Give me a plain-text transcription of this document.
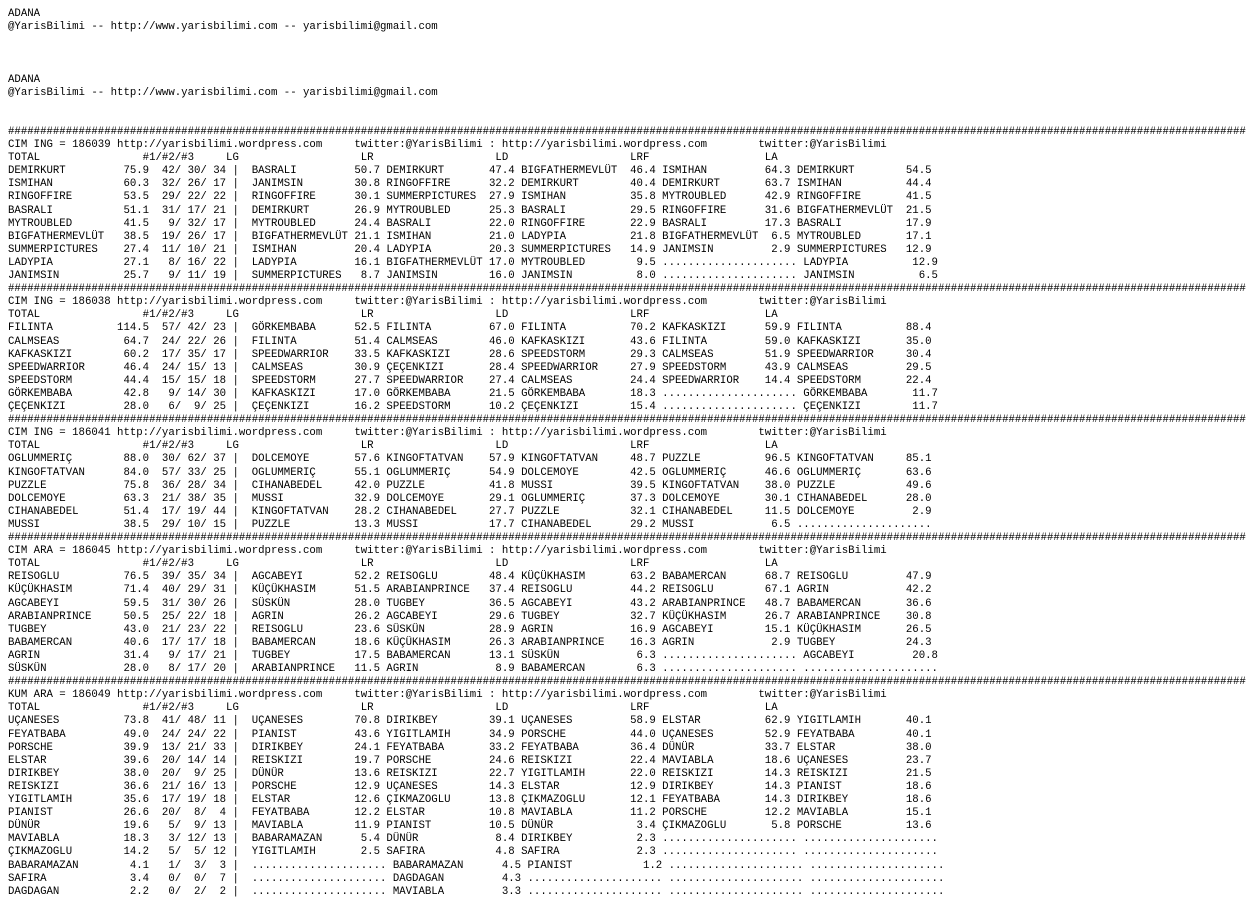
ADANA
@YarisBilimi -- http://www.yarisbilimi.com -- yarisbilimi@gmail.com
ADANA
@YarisBilimi -- http://www.yarisbilimi.com -- yarisbilimi@gmail.com
#################################################################################################################################################################################################
CIM ING = 186039 http://yarisbilimi.wordpress.com     twitter:@YarisBilimi : http://yarisbilimi.wordpress.com        twitter:@YarisBilimi
TOTAL                #1/#2/#3     LG                   LR                   LD                   LRF                  LA
DEMIRKURT         75.9  42/ 30/ 34 |  BASRALI         50.7 DEMIRKURT       47.4 BIGFATHERMEVLÜT  46.4 ISMIHAN         64.3 DEMIRKURT        54.5
ISMIHAN           60.3  32/ 26/ 17 |  JANIMSIN        30.8 RINGOFFIRE      32.2 DEMIRKURT        40.4 DEMIRKURT       63.7 ISMIHAN          44.4
RINGOFFIRE        53.5  29/ 22/ 22 |  RINGOFFIRE      30.1 SUMMERPICTURES  27.9 ISMIHAN          35.8 MYTROUBLED      42.9 RINGOFFIRE       41.5
BASRALI           51.1  31/ 17/ 21 |  DEMIRKURT       26.9 MYTROUBLED      25.3 BASRALI          29.5 RINGOFFIRE      31.6 BIGFATHERMEVLÜT  21.5
MYTROUBLED        41.5   9/ 32/ 17 |  MYTROUBLED      24.4 BASRALI         22.0 RINGOFFIRE       22.9 BASRALI         17.3 BASRALI          17.9
BIGFATHERMEVLÜT   38.5  19/ 26/ 17 |  BIGFATHERMEVLÜT 21.1 ISMIHAN         21.0 LADYPIA          21.8 BIGFATHERMEVLÜT  6.5 MYTROUBLED       17.1
SUMMERPICTURES    27.4  11/ 10/ 21 |  ISMIHAN         20.4 LADYPIA         20.3 SUMMERPICTURES   14.9 JANIMSIN         2.9 SUMMERPICTURES   12.9
LADYPIA           27.1   8/ 16/ 22 |  LADYPIA         16.1 BIGFATHERMEVLÜT 17.0 MYTROUBLED        9.5 ..................... LADYPIA          12.9
JANIMSIN          25.7   9/ 11/ 19 |  SUMMERPICTURES   8.7 JANIMSIN        16.0 JANIMSIN          8.0 ..................... JANIMSIN          6.5
#################################################################################################################################################################################################
CIM ING = 186038 http://yarisbilimi.wordpress.com     twitter:@YarisBilimi : http://yarisbilimi.wordpress.com        twitter:@YarisBilimi
TOTAL                #1/#2/#3     LG                   LR                   LD                   LRF                  LA
FILINTA          114.5  57/ 42/ 23 |  GÖRKEMBABA      52.5 FILINTA         67.0 FILINTA          70.2 KAFKASKIZI      59.9 FILINTA          88.4
CALMSEAS          64.7  24/ 22/ 26 |  FILINTA         51.4 CALMSEAS        46.0 KAFKASKIZI       43.6 FILINTA         59.0 KAFKASKIZI       35.0
KAFKASKIZI        60.2  17/ 35/ 17 |  SPEEDWARRIOR    33.5 KAFKASKIZI      28.6 SPEEDSTORM       29.3 CALMSEAS        51.9 SPEEDWARRIOR     30.4
SPEEDWARRIOR      46.4  24/ 15/ 13 |  CALMSEAS        30.9 ÇEÇENKIZI       28.4 SPEEDWARRIOR     27.9 SPEEDSTORM      43.9 CALMSEAS         29.5
SPEEDSTORM        44.4  15/ 15/ 18 |  SPEEDSTORM      27.7 SPEEDWARRIOR    27.4 CALMSEAS         24.4 SPEEDWARRIOR    14.4 SPEEDSTORM       22.4
GÖRKEMBABA        42.8   9/ 14/ 30 |  KAFKASKIZI      17.0 GÖRKEMBABA      21.5 GÖRKEMBABA       18.3 ..................... GÖRKEMBABA       11.7
ÇEÇENKIZI         28.0   6/  9/ 25 |  ÇEÇENKIZI       16.2 SPEEDSTORM      10.2 ÇEÇENKIZI        15.4 ..................... ÇEÇENKIZI        11.7
#################################################################################################################################################################################################
CIM ING = 186041 http://yarisbilimi.wordpress.com     twitter:@YarisBilimi : http://yarisbilimi.wordpress.com        twitter:@YarisBilimi
TOTAL                #1/#2/#3     LG                   LR                   LD                   LRF                  LA
OGLUMMERIÇ        88.0  30/ 62/ 37 |  DOLCEMOYE       57.6 KINGOFTATVAN    57.9 KINGOFTATVAN     48.7 PUZZLE          96.5 KINGOFTATVAN     85.1
KINGOFTATVAN      84.0  57/ 33/ 25 |  OGLUMMERIÇ      55.1 OGLUMMERIÇ      54.9 DOLCEMOYE        42.5 OGLUMMERIÇ      46.6 OGLUMMERIÇ       63.6
PUZZLE            75.8  36/ 28/ 34 |  CIHANABEDEL     42.0 PUZZLE          41.8 MUSSI            39.5 KINGOFTATVAN    38.0 PUZZLE           49.6
DOLCEMOYE         63.3  21/ 38/ 35 |  MUSSI           32.9 DOLCEMOYE       29.1 OGLUMMERIÇ       37.3 DOLCEMOYE       30.1 CIHANABEDEL      28.0
CIHANABEDEL       51.4  17/ 19/ 44 |  KINGOFTATVAN    28.2 CIHANABEDEL     27.7 PUZZLE           32.1 CIHANABEDEL     11.5 DOLCEMOYE         2.9
MUSSI             38.5  29/ 10/ 15 |  PUZZLE          13.3 MUSSI           17.7 CIHANABEDEL      29.2 MUSSI            6.5 .....................
#################################################################################################################################################################################################
CIM ARA = 186045 http://yarisbilimi.wordpress.com     twitter:@YarisBilimi : http://yarisbilimi.wordpress.com        twitter:@YarisBilimi
TOTAL                #1/#2/#3     LG                   LR                   LD                   LRF                  LA
REISOGLU          76.5  39/ 35/ 34 |  AGCABEYI        52.2 REISOGLU        48.4 KÜÇÜKHASIM       63.2 BABAMERCAN      68.7 REISOGLU         47.9
KÜÇÜKHASIM        71.4  40/ 29/ 31 |  KÜÇÜKHASIM      51.5 ARABIANPRINCE   37.4 REISOGLU         44.2 REISOGLU        67.1 AGRIN            42.2
AGCABEYI          59.5  31/ 30/ 26 |  SÜSKÜN          28.0 TUGBEY          36.5 AGCABEYI         43.2 ARABIANPRINCE   48.7 BABAMERCAN       36.6
ARABIANPRINCE     50.5  25/ 22/ 18 |  AGRIN           26.2 AGCABEYI        29.6 TUGBEY           32.7 KÜÇÜKHASIM      26.7 ARABIANPRINCE    30.8
TUGBEY            43.0  21/ 23/ 22 |  REISOGLU        23.6 SÜSKÜN          28.9 AGRIN            16.9 AGCABEYI        15.1 KÜÇÜKHASIM       26.5
BABAMERCAN        40.6  17/ 17/ 18 |  BABAMERCAN      18.6 KÜÇÜKHASIM      26.3 ARABIANPRINCE    16.3 AGRIN            2.9 TUGBEY           24.3
AGRIN             31.4   9/ 17/ 21 |  TUGBEY          17.5 BABAMERCAN      13.1 SÜSKÜN            6.3 ..................... AGCABEYI         20.8
SÜSKÜN            28.0   8/ 17/ 20 |  ARABIANPRINCE   11.5 AGRIN            8.9 BABAMERCAN        6.3 ..................... .....................
#################################################################################################################################################################################################
KUM ARA = 186049 http://yarisbilimi.wordpress.com     twitter:@YarisBilimi : http://yarisbilimi.wordpress.com        twitter:@YarisBilimi
TOTAL                #1/#2/#3     LG                   LR                   LD                   LRF                  LA
UÇANESES          73.8  41/ 48/ 11 |  UÇANESES        70.8 DIRIKBEY        39.1 UÇANESES         58.9 ELSTAR          62.9 YIGITLAMIH       40.1
FEYATBABA         49.0  24/ 24/ 22 |  PIANIST         43.6 YIGITLAMIH      34.9 PORSCHE          44.0 UÇANESES        52.9 FEYATBABA        40.1
PORSCHE           39.9  13/ 21/ 33 |  DIRIKBEY        24.1 FEYATBABA       33.2 FEYATBABA        36.4 DÜNÜR           33.7 ELSTAR           38.0
ELSTAR            39.6  20/ 14/ 14 |  REISKIZI        19.7 PORSCHE         24.6 REISKIZI         22.4 MAVIABLA        18.6 UÇANESES         23.7
DIRIKBEY          38.0  20/  9/ 25 |  DÜNÜR           13.6 REISKIZI        22.7 YIGITLAMIH       22.0 REISKIZI        14.3 REISKIZI         21.5
REISKIZI          36.6  21/ 16/ 13 |  PORSCHE         12.9 UÇANESES        14.3 ELSTAR           12.9 DIRIKBEY        14.3 PIANIST          18.6
YIGITLAMIH        35.6  17/ 19/ 18 |  ELSTAR          12.6 ÇIKMAZOGLU      13.8 ÇIKMAZOGLU       12.1 FEYATBABA       14.3 DIRIKBEY         18.6
PIANIST           26.6  20/  8/  4 |  FEYATBABA       12.2 ELSTAR          10.8 MAVIABLA         11.2 PORSCHE         12.2 MAVIABLA         15.1
DÜNÜR             19.6   5/  9/ 13 |  MAVIABLA        11.9 PIANIST         10.5 DÜNÜR             3.4 ÇIKMAZOGLU       5.8 PORSCHE          13.6
MAVIABLA          18.3   3/ 12/ 13 |  BABARAMAZAN      5.4 DÜNÜR            8.4 DIRIKBEY          2.3 ..................... .....................
ÇIKMAZOGLU        14.2   5/  5/ 12 |  YIGITLAMIH       2.5 SAFIRA           4.8 SAFIRA            2.3 ..................... .....................
BABARAMAZAN        4.1   1/  3/  3 |  ..................... BABARAMAZAN      4.5 PIANIST           1.2 ..................... .....................
SAFIRA             3.4   0/  0/  7 |  ..................... DAGDAGAN         4.3 ..................... ..................... .....................
DAGDAGAN           2.2   0/  2/  2 |  ..................... MAVIABLA         3.3 ..................... ..................... .....................
